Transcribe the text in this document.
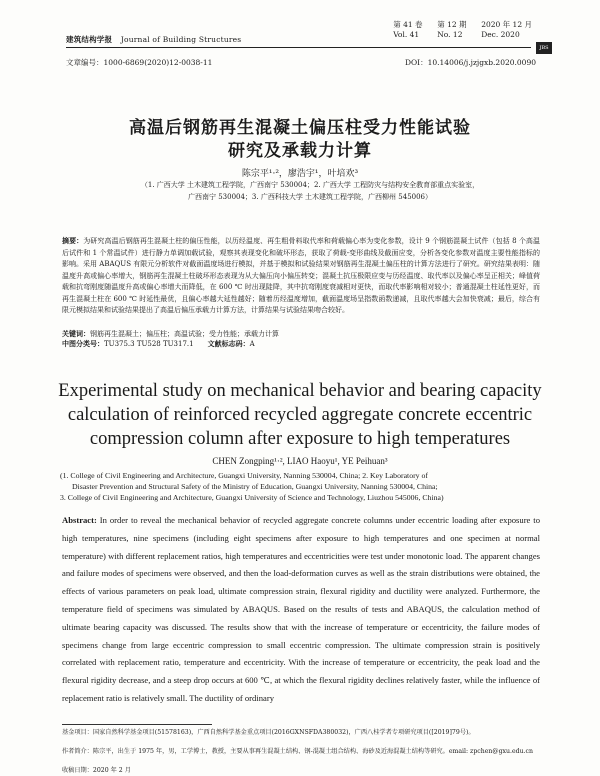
建筑结构学报 Journal of Building Structures
第 41 卷	第 12 期	2020 年 12 月
Vol. 41	No. 12	Dec. 2020
JBS
文章编号：1000-6869(2020)12-0038-11	DOI：10.14006/j.jzjgxb.2020.0090
高温后钢筋再生混凝土偏压柱受力性能试验
研究及承载力计算
陈宗平¹·²，廖浩宇¹，叶培欢³
（1. 广西大学 土木建筑工程学院，广西南宁 530004；2. 广西大学 工程防灾与结构安全教育部重点实验室，
广西南宁 530004；3. 广西科技大学 土木建筑工程学院，广西柳州 545006）
摘要：为研究高温后钢筋再生混凝土柱的偏压性能，以历经温度、再生粗骨料取代率和荷载偏心率为变化参数，设计 9 个钢筋混凝土试件（包括 8 个高温后试件和 1 个常温试件）进行静力单调加载试验，观察其表现变化和破坏形态，获取了荷载-变形曲线及截面应变，分析各变化参数对温度主要性能指标的影响。采用 ABAQUS 有限元分析软件对截面温度场进行模拟，并基于模拟和试验结果对钢筋再生混凝土偏压柱的计算方法进行了研究。研究结果表明：随温度升高或偏心率增大，钢筋再生混凝土柱破坏形态表现为从大偏压向小偏压转变；混凝土抗压极限应变与历经温度、取代率以及偏心率呈正相关；峰值荷载和抗弯刚度随温度升高或偏心率增大而降低，在 600 ℃ 时出现陡降，其中抗弯刚度衰减相对更快，而取代率影响相对较小；普通混凝土柱延性更好，而再生混凝土柱在 600 ℃ 时延性最优，且偏心率越大延性越好；随着历经温度增加，截面温度场呈指数函数递减，且取代率越大会加快衰减；最后，综合有限元模拟结果和试验结果提出了高温后偏压承载力计算方法，计算结果与试验结果吻合较好。
关键词：钢筋再生混凝土；偏压柱；高温试验；受力性能；承载力计算
中图分类号：TU375.3 TU528 TU317.1 文献标志码：A
Experimental study on mechanical behavior and bearing capacity
calculation of reinforced recycled aggregate concrete eccentric
compression column after exposure to high temperatures
CHEN Zongping¹·², LIAO Haoyu¹, YE Peihuan³
(1. College of Civil Engineering and Architecture, Guangxi University, Nanning 530004, China; 2. Key Laboratory of
Disaster Prevention and Structural Safety of the Ministry of Education, Guangxi University, Nanning 530004, China;
3. College of Civil Engineering and Architecture, Guangxi University of Science and Technology, Liuzhou 545006, China)
Abstract: In order to reveal the mechanical behavior of recycled aggregate concrete columns under eccentric loading after exposure to high temperatures, nine specimens (including eight specimens after exposure to high temperatures and one specimen at normal temperature) with different replacement ratios, high temperatures and eccentricities were test under monotonic load. The apparent changes and failure modes of specimens were observed, and then the load-deformation curves as well as the strain distributions were obtained, the effects of various parameters on peak load, ultimate compression strain, flexural rigidity and ductility were analyzed. Furthermore, the temperature field of specimens was simulated by ABAQUS. Based on the results of tests and ABAQUS, the calculation method of ultimate bearing capacity was discussed. The results show that with the increase of temperature or eccentricity, the failure modes of specimens change from large eccentric compression to small eccentric compression. The ultimate compression strain is positively correlated with replacement ratio, temperature and eccentricity. With the increase of temperature or eccentricity, the peak load and the flexural rigidity decrease, and a steep drop occurs at 600 ℃, at which the flexural rigidity declines relatively faster, while the influence of replacement ratio is relatively small. The ductility of ordinary
基金项目：国家自然科学基金项目(51578163)，广西自然科学基金重点项目(2016GXNSFDA380032)，广西八桂学者专项研究项目([2019]79号)。
作者简介：陈宗平，出生于 1975 年，男，工学博士，教授，主要从事再生混凝土结构、钢-混凝土组合结构、海砂及近海混凝土结构等研究。email: zpchen@gxu.edu.cn
收稿日期：2020 年 2 月
